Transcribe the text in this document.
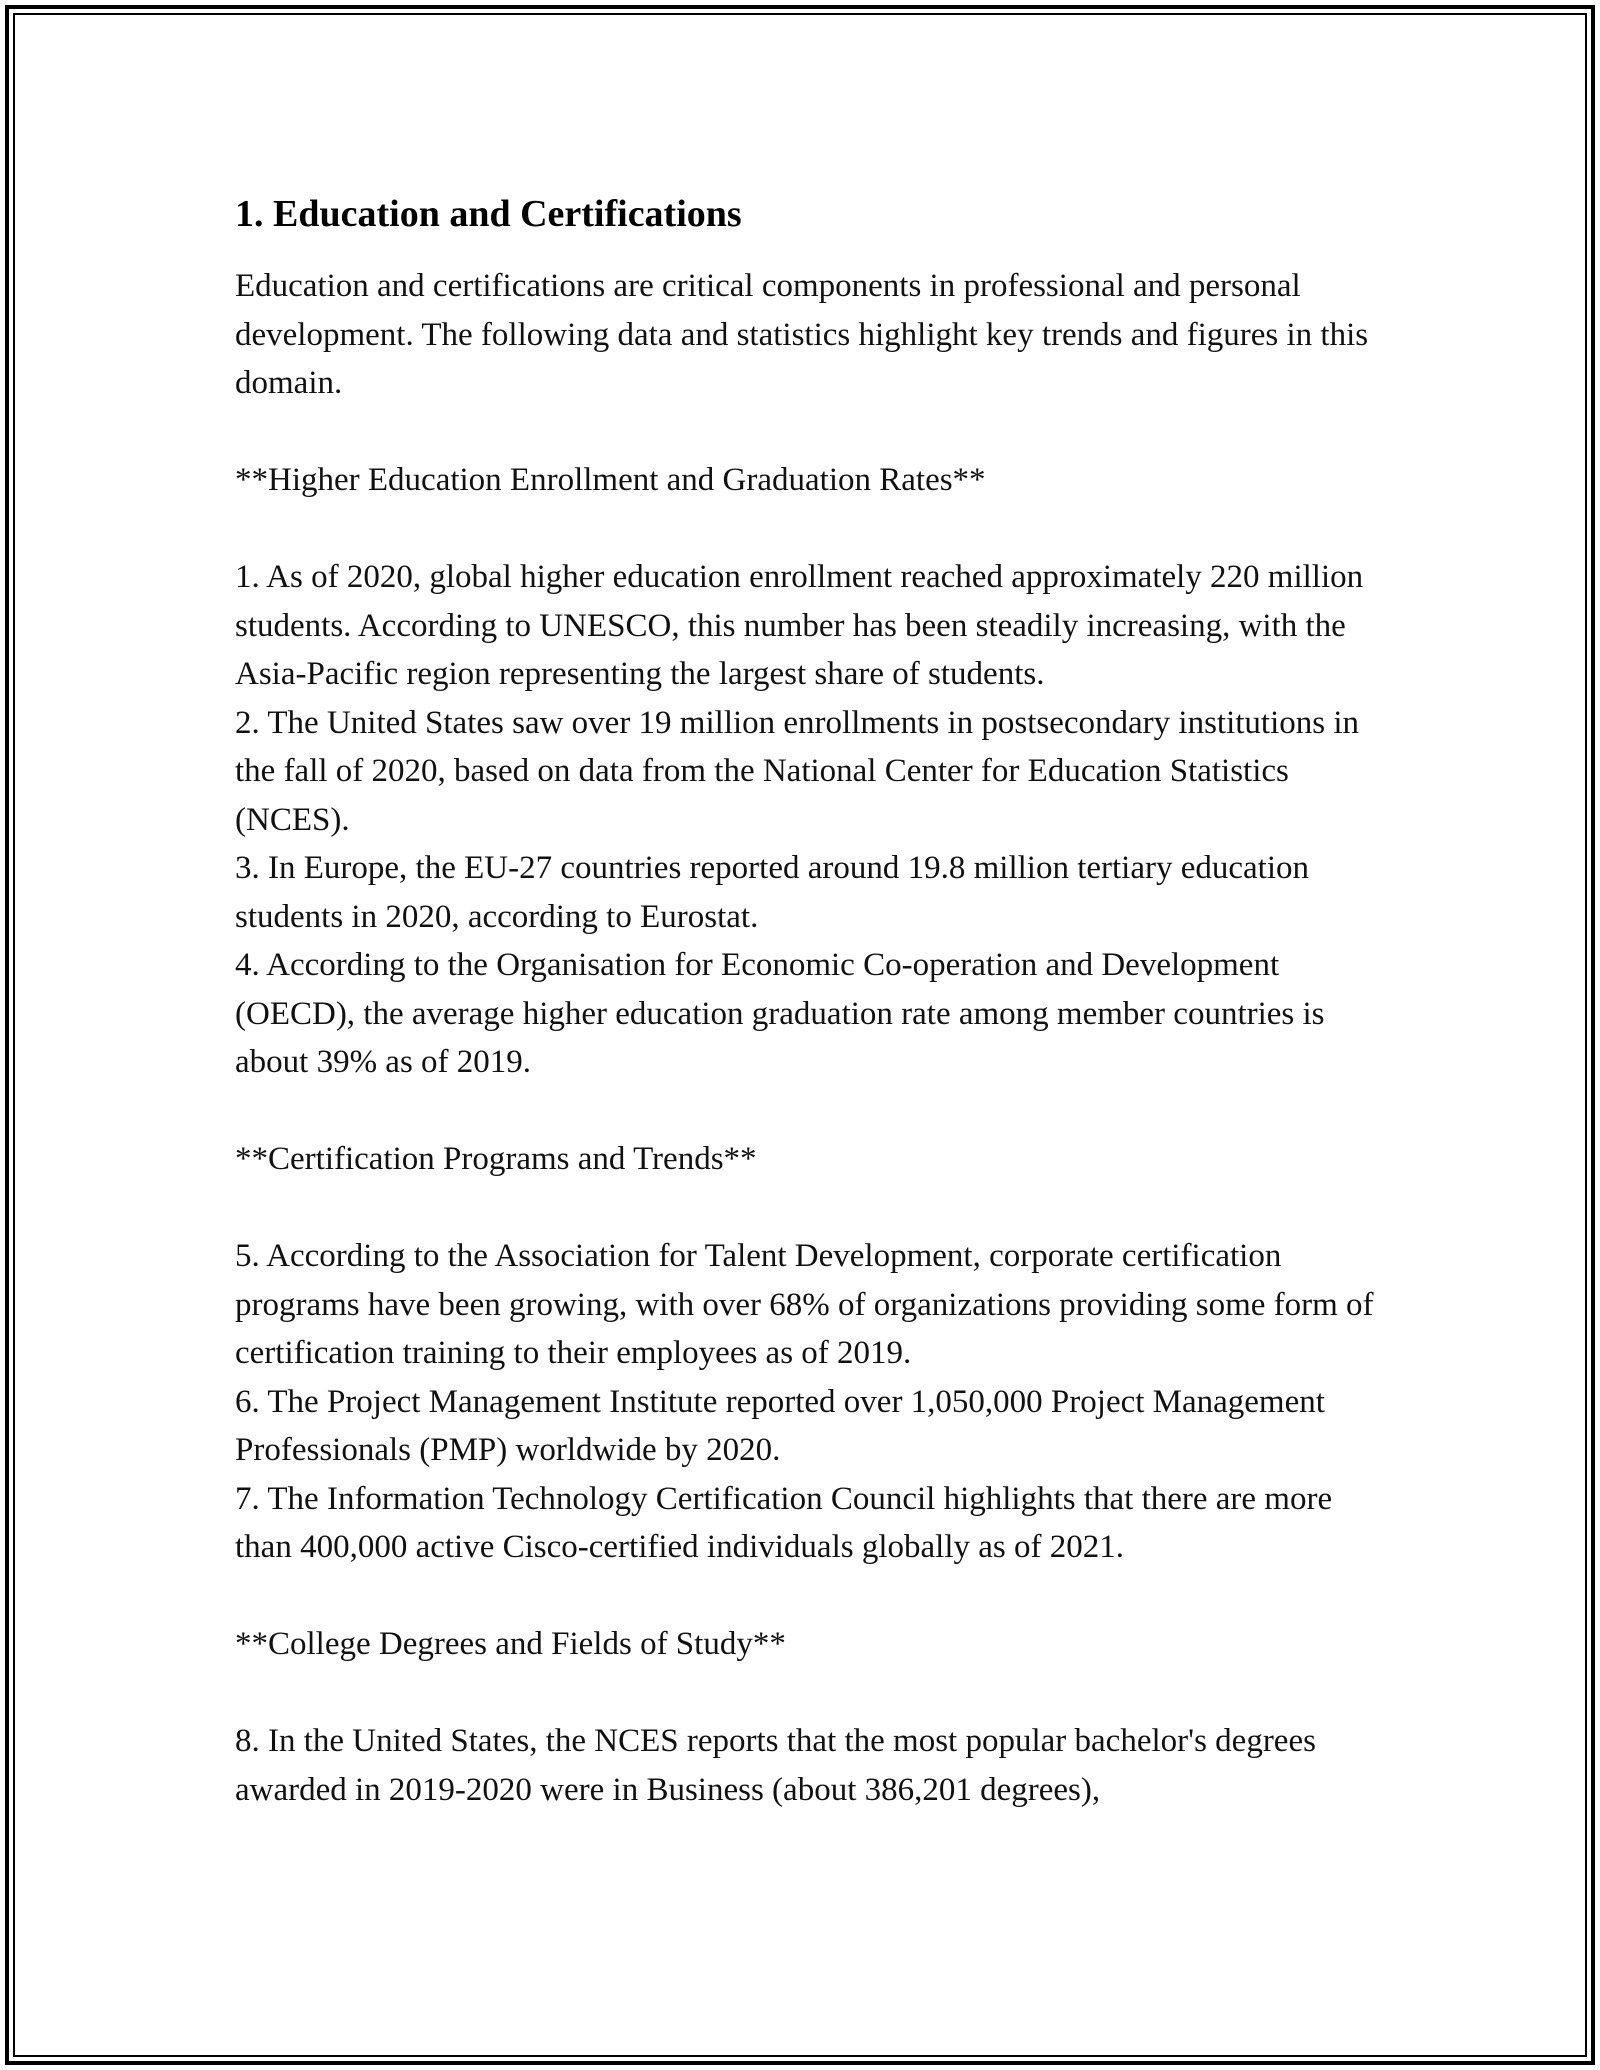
1. Education and Certifications

Education and certifications are critical components in professional and personal development. The following data and statistics highlight key trends and figures in this domain.

**Higher Education Enrollment and Graduation Rates**

1. As of 2020, global higher education enrollment reached approximately 220 million students. According to UNESCO, this number has been steadily increasing, with the Asia-Pacific region representing the largest share of students.

2. The United States saw over 19 million enrollments in postsecondary institutions in the fall of 2020, based on data from the National Center for Education Statistics (NCES).

3. In Europe, the EU-27 countries reported around 19.8 million tertiary education students in 2020, according to Eurostat.

4. According to the Organisation for Economic Co-operation and Development (OECD), the average higher education graduation rate among member countries is about 39% as of 2019.

**Certification Programs and Trends**

5. According to the Association for Talent Development, corporate certification programs have been growing, with over 68% of organizations providing some form of certification training to their employees as of 2019.

6. The Project Management Institute reported over 1,050,000 Project Management Professionals (PMP) worldwide by 2020.

7. The Information Technology Certification Council highlights that there are more than 400,000 active Cisco-certified individuals globally as of 2021.

**College Degrees and Fields of Study**

8. In the United States, the NCES reports that the most popular bachelor's degrees awarded in 2019-2020 were in Business (about 386,201 degrees),
